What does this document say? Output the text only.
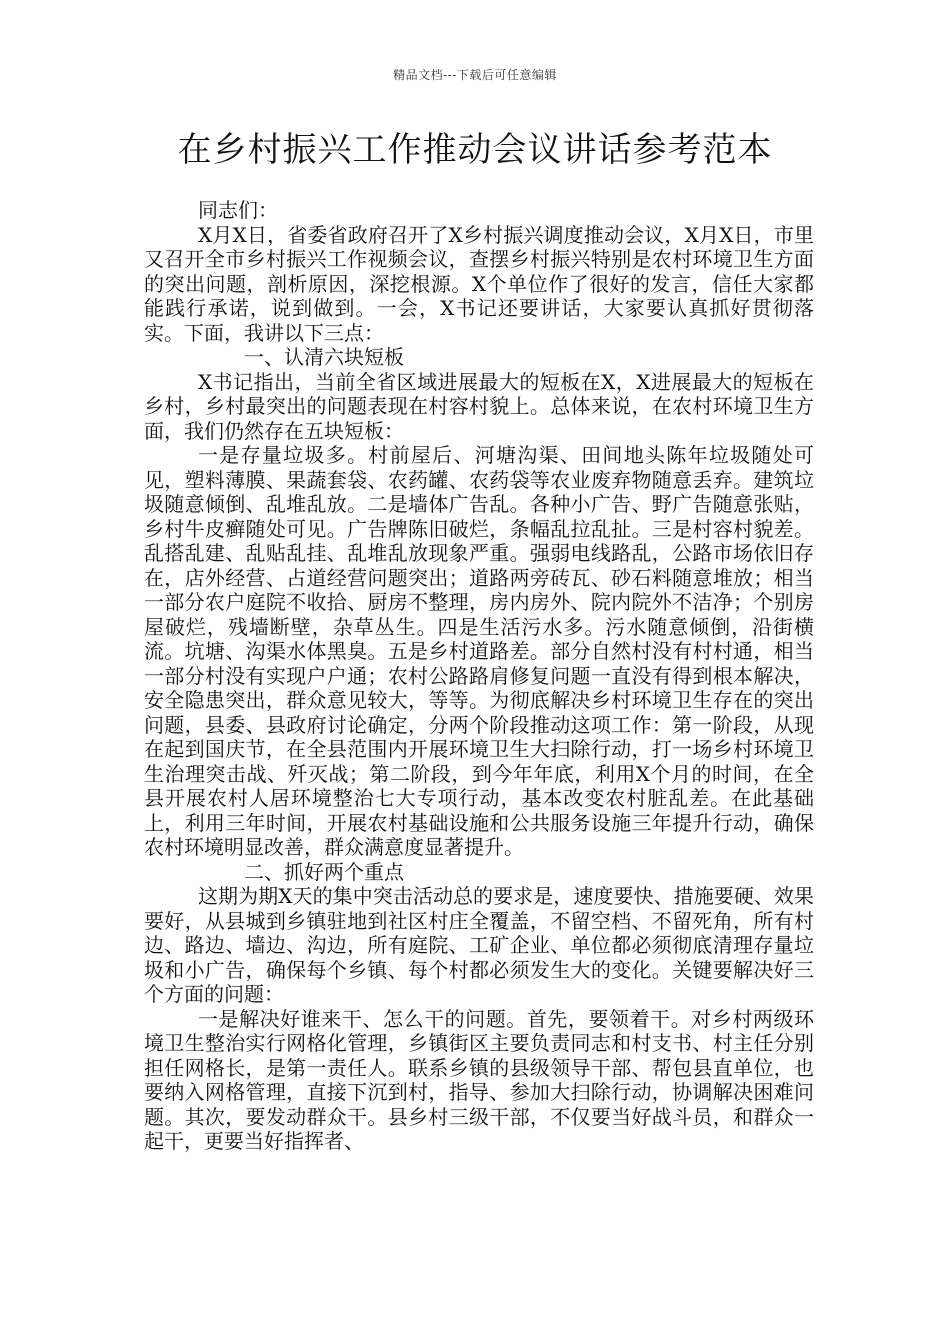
精品文档---下载后可任意编辑
在乡村振兴工作推动会议讲话参考范本

同志们：

X月X日，省委省政府召开了X乡村振兴调度推动会议，X月X日，市里又召开全市乡村振兴工作视频会议，查摆乡村振兴特别是农村环境卫生方面的突出问题，剖析原因，深挖根源。X个单位作了很好的发言，信任大家都能践行承诺，说到做到。一会，X书记还要讲话，大家要认真抓好贯彻落实。下面，我讲以下三点：

一、认清六块短板

X书记指出，当前全省区域进展最大的短板在X，X进展最大的短板在乡村，乡村最突出的问题表现在村容村貌上。总体来说，在农村环境卫生方面，我们仍然存在五块短板：

一是存量垃圾多。村前屋后、河塘沟渠、田间地头陈年垃圾随处可见，塑料薄膜、果蔬套袋、农药罐、农药袋等农业废弃物随意丢弃。建筑垃圾随意倾倒、乱堆乱放。二是墙体广告乱。各种小广告、野广告随意张贴，乡村牛皮癣随处可见。广告牌陈旧破烂，条幅乱拉乱扯。三是村容村貌差。乱搭乱建、乱贴乱挂、乱堆乱放现象严重。强弱电线路乱，公路市场依旧存在，店外经营、占道经营问题突出；道路两旁砖瓦、砂石料随意堆放；相当一部分农户庭院不收拾、厨房不整理，房内房外、院内院外不洁净；个别房屋破烂，残墙断壁，杂草丛生。四是生活污水多。污水随意倾倒，沿街横流。坑塘、沟渠水体黑臭。五是乡村道路差。部分自然村没有村村通，相当一部分村没有实现户户通；农村公路路肩修复问题一直没有得到根本解决，安全隐患突出，群众意见较大，等等。为彻底解决乡村环境卫生存在的突出问题，县委、县政府讨论确定，分两个阶段推动这项工作：第一阶段，从现在起到国庆节，在全县范围内开展环境卫生大扫除行动，打一场乡村环境卫生治理突击战、歼灭战；第二阶段，到今年年底，利用X个月的时间，在全县开展农村人居环境整治七大专项行动，基本改变农村脏乱差。在此基础上，利用三年时间，开展农村基础设施和公共服务设施三年提升行动，确保农村环境明显改善，群众满意度显著提升。

二、抓好两个重点

这期为期X天的集中突击活动总的要求是，速度要快、措施要硬、效果要好，从县城到乡镇驻地到社区村庄全覆盖，不留空档、不留死角，所有村边、路边、墙边、沟边，所有庭院、工矿企业、单位都必须彻底清理存量垃圾和小广告，确保每个乡镇、每个村都必须发生大的变化。关键要解决好三个方面的问题：

一是解决好谁来干、怎么干的问题。首先，要领着干。对乡村两级环境卫生整治实行网格化管理，乡镇街区主要负责同志和村支书、村主任分别担任网格长，是第一责任人。联系乡镇的县级领导干部、帮包县直单位，也要纳入网格管理，直接下沉到村，指导、参加大扫除行动，协调解决困难问题。其次，要发动群众干。县乡村三级干部，不仅要当好战斗员，和群众一起干，更要当好指挥者、
